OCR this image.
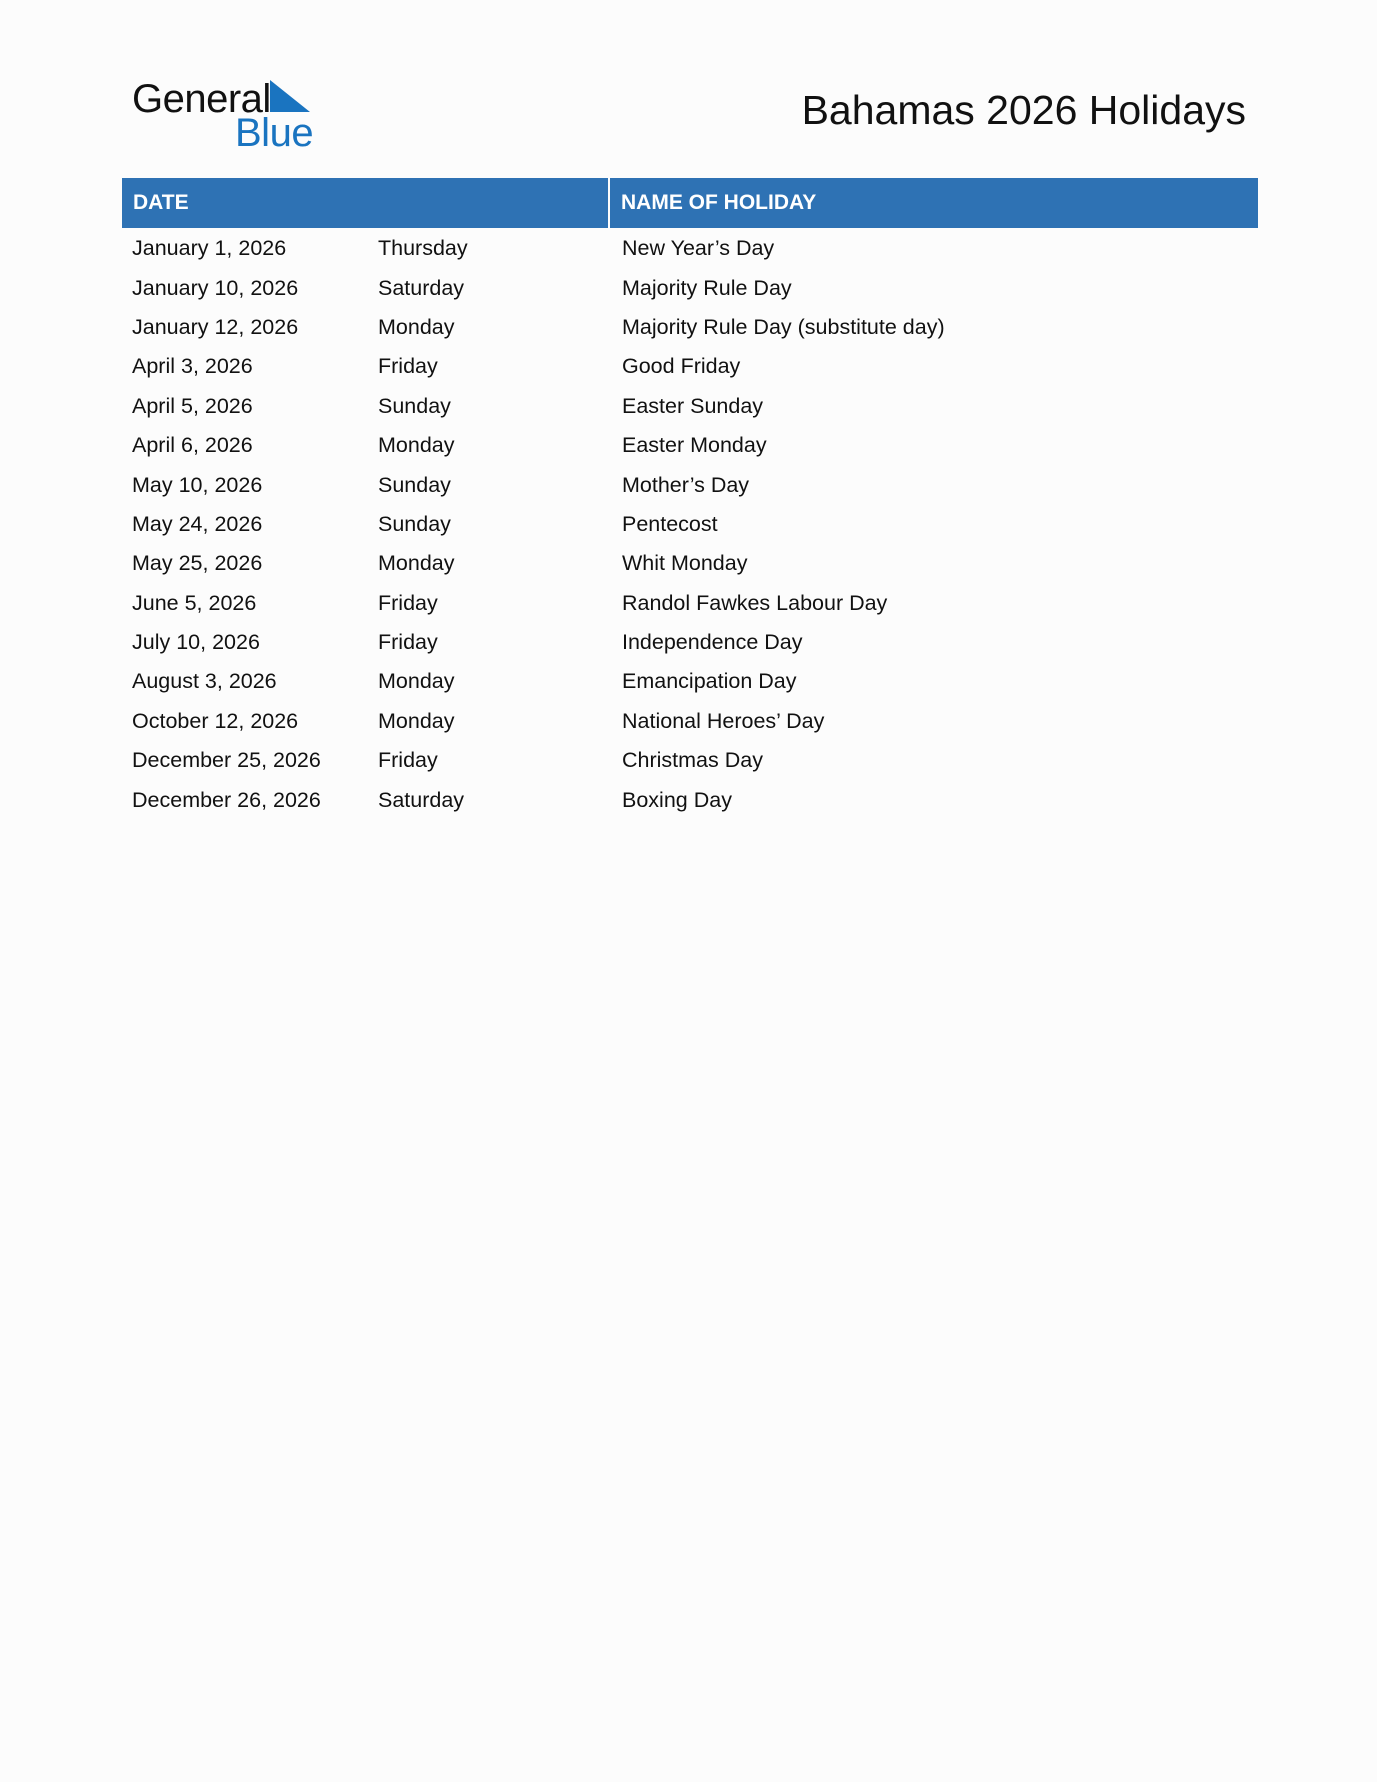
General
Blue	Bahamas 2026 Holidays
DATE	NAME OF HOLIDAY
January 1, 2026	Thursday	New Year’s Day
January 10, 2026	Saturday	Majority Rule Day
January 12, 2026	Monday	Majority Rule Day (substitute day)
April 3, 2026	Friday	Good Friday
April 5, 2026	Sunday	Easter Sunday
April 6, 2026	Monday	Easter Monday
May 10, 2026	Sunday	Mother’s Day
May 24, 2026	Sunday	Pentecost
May 25, 2026	Monday	Whit Monday
June 5, 2026	Friday	Randol Fawkes Labour Day
July 10, 2026	Friday	Independence Day
August 3, 2026	Monday	Emancipation Day
October 12, 2026	Monday	National Heroes’ Day
December 25, 2026	Friday	Christmas Day
December 26, 2026	Saturday	Boxing Day
